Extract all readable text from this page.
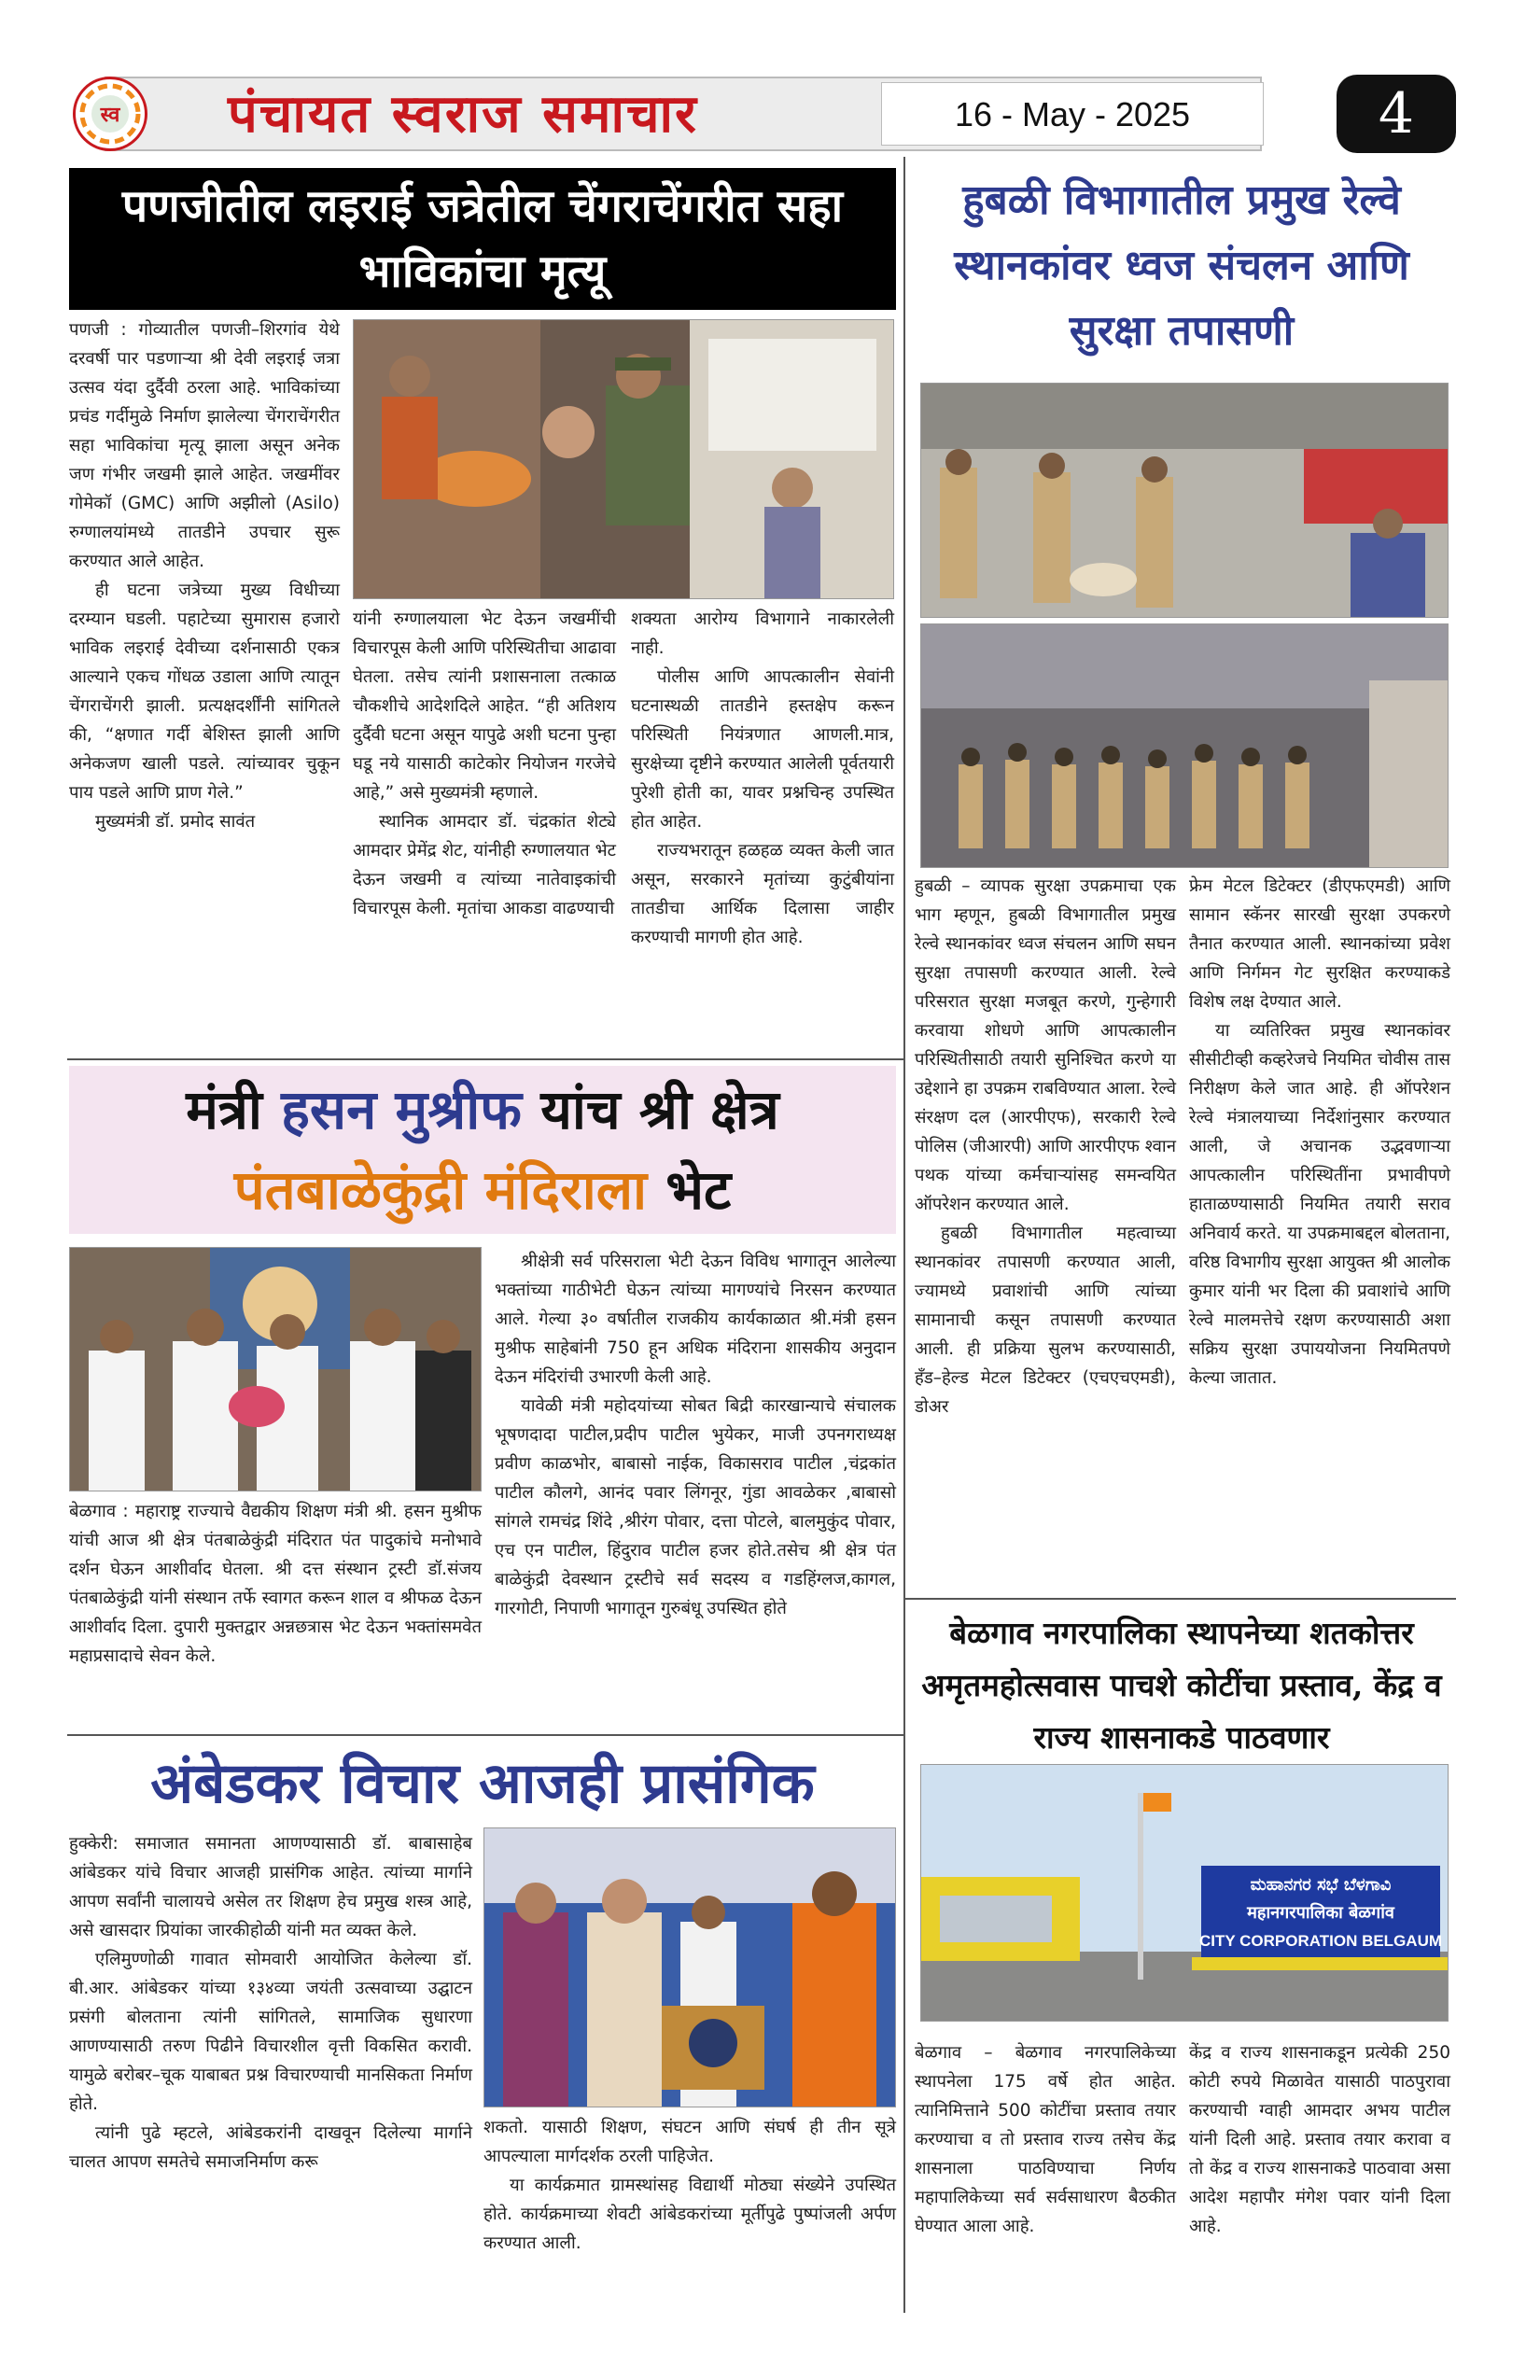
स्व पंचायत स्वराज समाचार	16 - May - 2025	4
पणजीतील लइराई जत्रेतील चेंगराचेंगरीत सहा भाविकांचा मृत्यू

पणजी : गोव्यातील पणजी–शिरगांव येथे दरवर्षी पार पडणाऱ्या श्री देवी लइराई जत्रा उत्सव यंदा दुर्दैवी ठरला आहे. भाविकांच्या प्रचंड गर्दीमुळे निर्माण झालेल्या चेंगराचेंगरीत सहा भाविकांचा मृत्यू झाला असून अनेक जण गंभीर जखमी झाले आहेत. जखमींवर गोमेकॉ (GMC) आणि अझीलो (Asilo) रुग्णालयांमध्ये तातडीने उपचार सुरू करण्यात आले आहेत.

ही घटना जत्रेच्या मुख्य विधीच्या दरम्यान घडली. पहाटेच्या सुमारास हजारो भाविक लइराई देवीच्या दर्शनासाठी एकत्र आल्याने एकच गोंधळ उडाला आणि त्यातून चेंगराचेंगरी झाली. प्रत्यक्षदर्शींनी सांगितले की, “क्षणात गर्दी बेशिस्त झाली आणि अनेकजण खाली पडले. त्यांच्यावर चुकून पाय पडले आणि प्राण गेले.”

मुख्यमंत्री डॉ. प्रमोद सावंत

यांनी रुग्णालयाला भेट देऊन जखमींची विचारपूस केली आणि परिस्थितीचा आढावा घेतला. तसेच त्यांनी प्रशासनाला तत्काळ चौकशीचे आदेशदिले आहेत. “ही अतिशय दुर्दैवी घटना असून यापुढे अशी घटना पुन्हा घडू नये यासाठी काटेकोर नियोजन गरजेचे आहे,” असे मुख्यमंत्री म्हणाले.

स्थानिक आमदार डॉ. चंद्रकांत शेट्ये आमदार प्रेमेंद्र शेट, यांनीही रुग्णालयात भेट देऊन जखमी व त्यांच्या नातेवाइकांची विचारपूस केली. मृतांचा आकडा वाढण्याची

शक्यता आरोग्य विभागाने नाकारलेली नाही.

पोलीस आणि आपत्कालीन सेवांनी घटनास्थळी तातडीने हस्तक्षेप करून परिस्थिती नियंत्रणात आणली.मात्र, सुरक्षेच्या दृष्टीने करण्यात आलेली पूर्वतयारी पुरेशी होती का, यावर प्रश्नचिन्ह उपस्थित होत आहेत.

राज्यभरातून हळहळ व्यक्त केली जात असून, सरकारने मृतांच्या कुटुंबीयांना तातडीचा आर्थिक दिलासा जाहीर करण्याची मागणी होत आहे.

हुबळी विभागातील प्रमुख रेल्वे स्थानकांवर ध्वज संचलन आणि सुरक्षा तपासणी

हुबळी – व्यापक सुरक्षा उपक्रमाचा एक भाग म्हणून, हुबळी विभागातील प्रमुख रेल्वे स्थानकांवर ध्वज संचलन आणि सघन सुरक्षा तपासणी करण्यात आली. रेल्वे परिसरात सुरक्षा मजबूत करणे, गुन्हेगारी करवाया शोधणे आणि आपत्कालीन परिस्थितीसाठी तयारी सुनिश्चित करणे या उद्देशाने हा उपक्रम राबविण्यात आला. रेल्वे संरक्षण दल (आरपीएफ), सरकारी रेल्वे पोलिस (जीआरपी) आणि आरपीएफ श्वान पथक यांच्या कर्मचाऱ्यांसह समन्वयित ऑपरेशन करण्यात आले.

हुबळी विभागातील महत्वाच्या स्थानकांवर तपासणी करण्यात आली, ज्यामध्ये प्रवाशांची आणि त्यांच्या सामानाची कसून तपासणी करण्यात आली. ही प्रक्रिया सुलभ करण्यासाठी, हँड–हेल्ड मेटल डिटेक्टर (एचएचएमडी), डोअर

फ्रेम मेटल डिटेक्टर (डीएफएमडी) आणि सामान स्कॅनर सारखी सुरक्षा उपकरणे तैनात करण्यात आली. स्थानकांच्या प्रवेश आणि निर्गमन गेट सुरक्षित करण्याकडे विशेष लक्ष देण्यात आले.

या व्यतिरिक्त प्रमुख स्थानकांवर सीसीटीव्ही कव्हरेजचे नियमित चोवीस तास निरीक्षण केले जात आहे. ही ऑपरेशन रेल्वे मंत्रालयाच्या निर्देशांनुसार करण्यात आली, जे अचानक उद्भवणाऱ्या आपत्कालीन परिस्थितींना प्रभावीपणे हाताळण्यासाठी नियमित तयारी सराव अनिवार्य करते. या उपक्रमाबद्दल बोलताना, वरिष्ठ विभागीय सुरक्षा आयुक्त श्री आलोक कुमार यांनी भर दिला की प्रवाशांचे आणि रेल्वे मालमत्तेचे रक्षण करण्यासाठी अशा सक्रिय सुरक्षा उपाययोजना नियमितपणे केल्या जातात.

मंत्री हसन मुश्रीफ यांच श्री क्षेत्र
पंतबाळेकुंद्री मंदिराला भेट
बेळगाव : महाराष्ट्र राज्याचे वैद्यकीय शिक्षण मंत्री श्री. हसन मुश्रीफ यांची आज श्री क्षेत्र पंतबाळेकुंद्री मंदिरात पंत पादुकांचे मनोभावे दर्शन घेऊन आशीर्वाद घेतला. श्री दत्त संस्थान ट्रस्टी डॉ.संजय पंतबाळेकुंद्री यांनी संस्थान तर्फे स्वागत करून शाल व श्रीफळ देऊन आशीर्वाद दिला. दुपारी मुक्तद्वार अन्नछत्रास भेट देऊन भक्तांसमवेत महाप्रसादाचे सेवन केले.

श्रीक्षेत्री सर्व परिसराला भेटी देऊन विविध भागातून आलेल्या भक्तांच्या गाठीभेटी घेऊन त्यांच्या मागण्यांचे निरसन करण्यात आले. गेल्या ३० वर्षातील राजकीय कार्यकाळात श्री.मंत्री हसन मुश्रीफ साहेबांनी 750 हून अधिक मंदिराना शासकीय अनुदान देऊन मंदिरांची उभारणी केली आहे.

यावेळी मंत्री महोदयांच्या सोबत बिद्री कारखान्याचे संचालक भूषणदादा पाटील,प्रदीप पाटील भुयेकर, माजी उपनगराध्यक्ष प्रवीण काळभोर, बाबासो नाईक, विकासराव पाटील ,चंद्रकांत पाटील कौलगे, आनंद पवार लिंगनूर, गुंडा आवळेकर ,बाबासो सांगले रामचंद्र शिंदे ,श्रीरंग पोवार, दत्ता पोटले, बालमुकुंद पोवार, एच एन पाटील, हिंदुराव पाटील हजर होते.तसेच श्री क्षेत्र पंत बाळेकुंद्री देवस्थान ट्रस्टीचे सर्व सदस्य व गडहिंग्लज,कागल, गारगोटी, निपाणी भागातून गुरुबंधू उपस्थित होते

अंबेडकर विचार आजही प्रासंगिक

हुक्केरी: समाजात समानता आणण्यासाठी डॉ. बाबासाहेब आंबेडकर यांचे विचार आजही प्रासंगिक आहेत. त्यांच्या मार्गाने आपण सर्वांनी चालायचे असेल तर शिक्षण हेच प्रमुख शस्त्र आहे, असे खासदार प्रियांका जारकीहोळी यांनी मत व्यक्त केले.

एलिमुण्णोळी गावात सोमवारी आयोजित केलेल्या डॉ. बी.आर. आंबेडकर यांच्या १३४व्या जयंती उत्सवाच्या उद्घाटन प्रसंगी बोलताना त्यांनी सांगितले, सामाजिक सुधारणा आणण्यासाठी तरुण पिढीने विचारशील वृत्ती विकसित करावी. यामुळे बरोबर–चूक याबाबत प्रश्न विचारण्याची मानसिकता निर्माण होते.

त्यांनी पुढे म्हटले, आंबेडकरांनी दाखवून दिलेल्या मार्गाने चालत आपण समतेचे समाजनिर्माण करू

शकतो. यासाठी शिक्षण, संघटन आणि संघर्ष ही तीन सूत्रे आपल्याला मार्गदर्शक ठरली पाहिजेत.

या कार्यक्रमात ग्रामस्थांसह विद्यार्थी मोठ्या संख्येने उपस्थित होते. कार्यक्रमाच्या शेवटी आंबेडकरांच्या मूर्तीपुढे पुष्पांजली अर्पण करण्यात आली.

बेळगाव नगरपालिका स्थापनेच्या शतकोत्तर अमृतमहोत्सवास पाचशे कोटींचा प्रस्ताव, केंद्र व राज्य शासनाकडे पाठवणार
ಮಹಾನಗರ ಸಭೆ ಬೆಳಗಾವಿ
महानगरपालिका बेळगांव
CITY CORPORATION BELGAUM

बेळगाव – बेळगाव नगरपालिकेच्या स्थापनेला 175 वर्षे होत आहेत. त्यानिमित्ताने 500 कोटींचा प्रस्ताव तयार करण्याचा व तो प्रस्ताव राज्य तसेच केंद्र शासनाला पाठविण्याचा निर्णय महापालिकेच्या सर्व सर्वसाधारण बैठकीत घेण्यात आला आहे.

केंद्र व राज्य शासनाकडून प्रत्येकी 250 कोटी रुपये मिळावेत यासाठी पाठपुरावा करण्याची ग्वाही आमदार अभय पाटील यांनी दिली आहे. प्रस्ताव तयार करावा व तो केंद्र व राज्य शासनाकडे पाठवावा असा आदेश महापौर मंगेश पवार यांनी दिला आहे.
